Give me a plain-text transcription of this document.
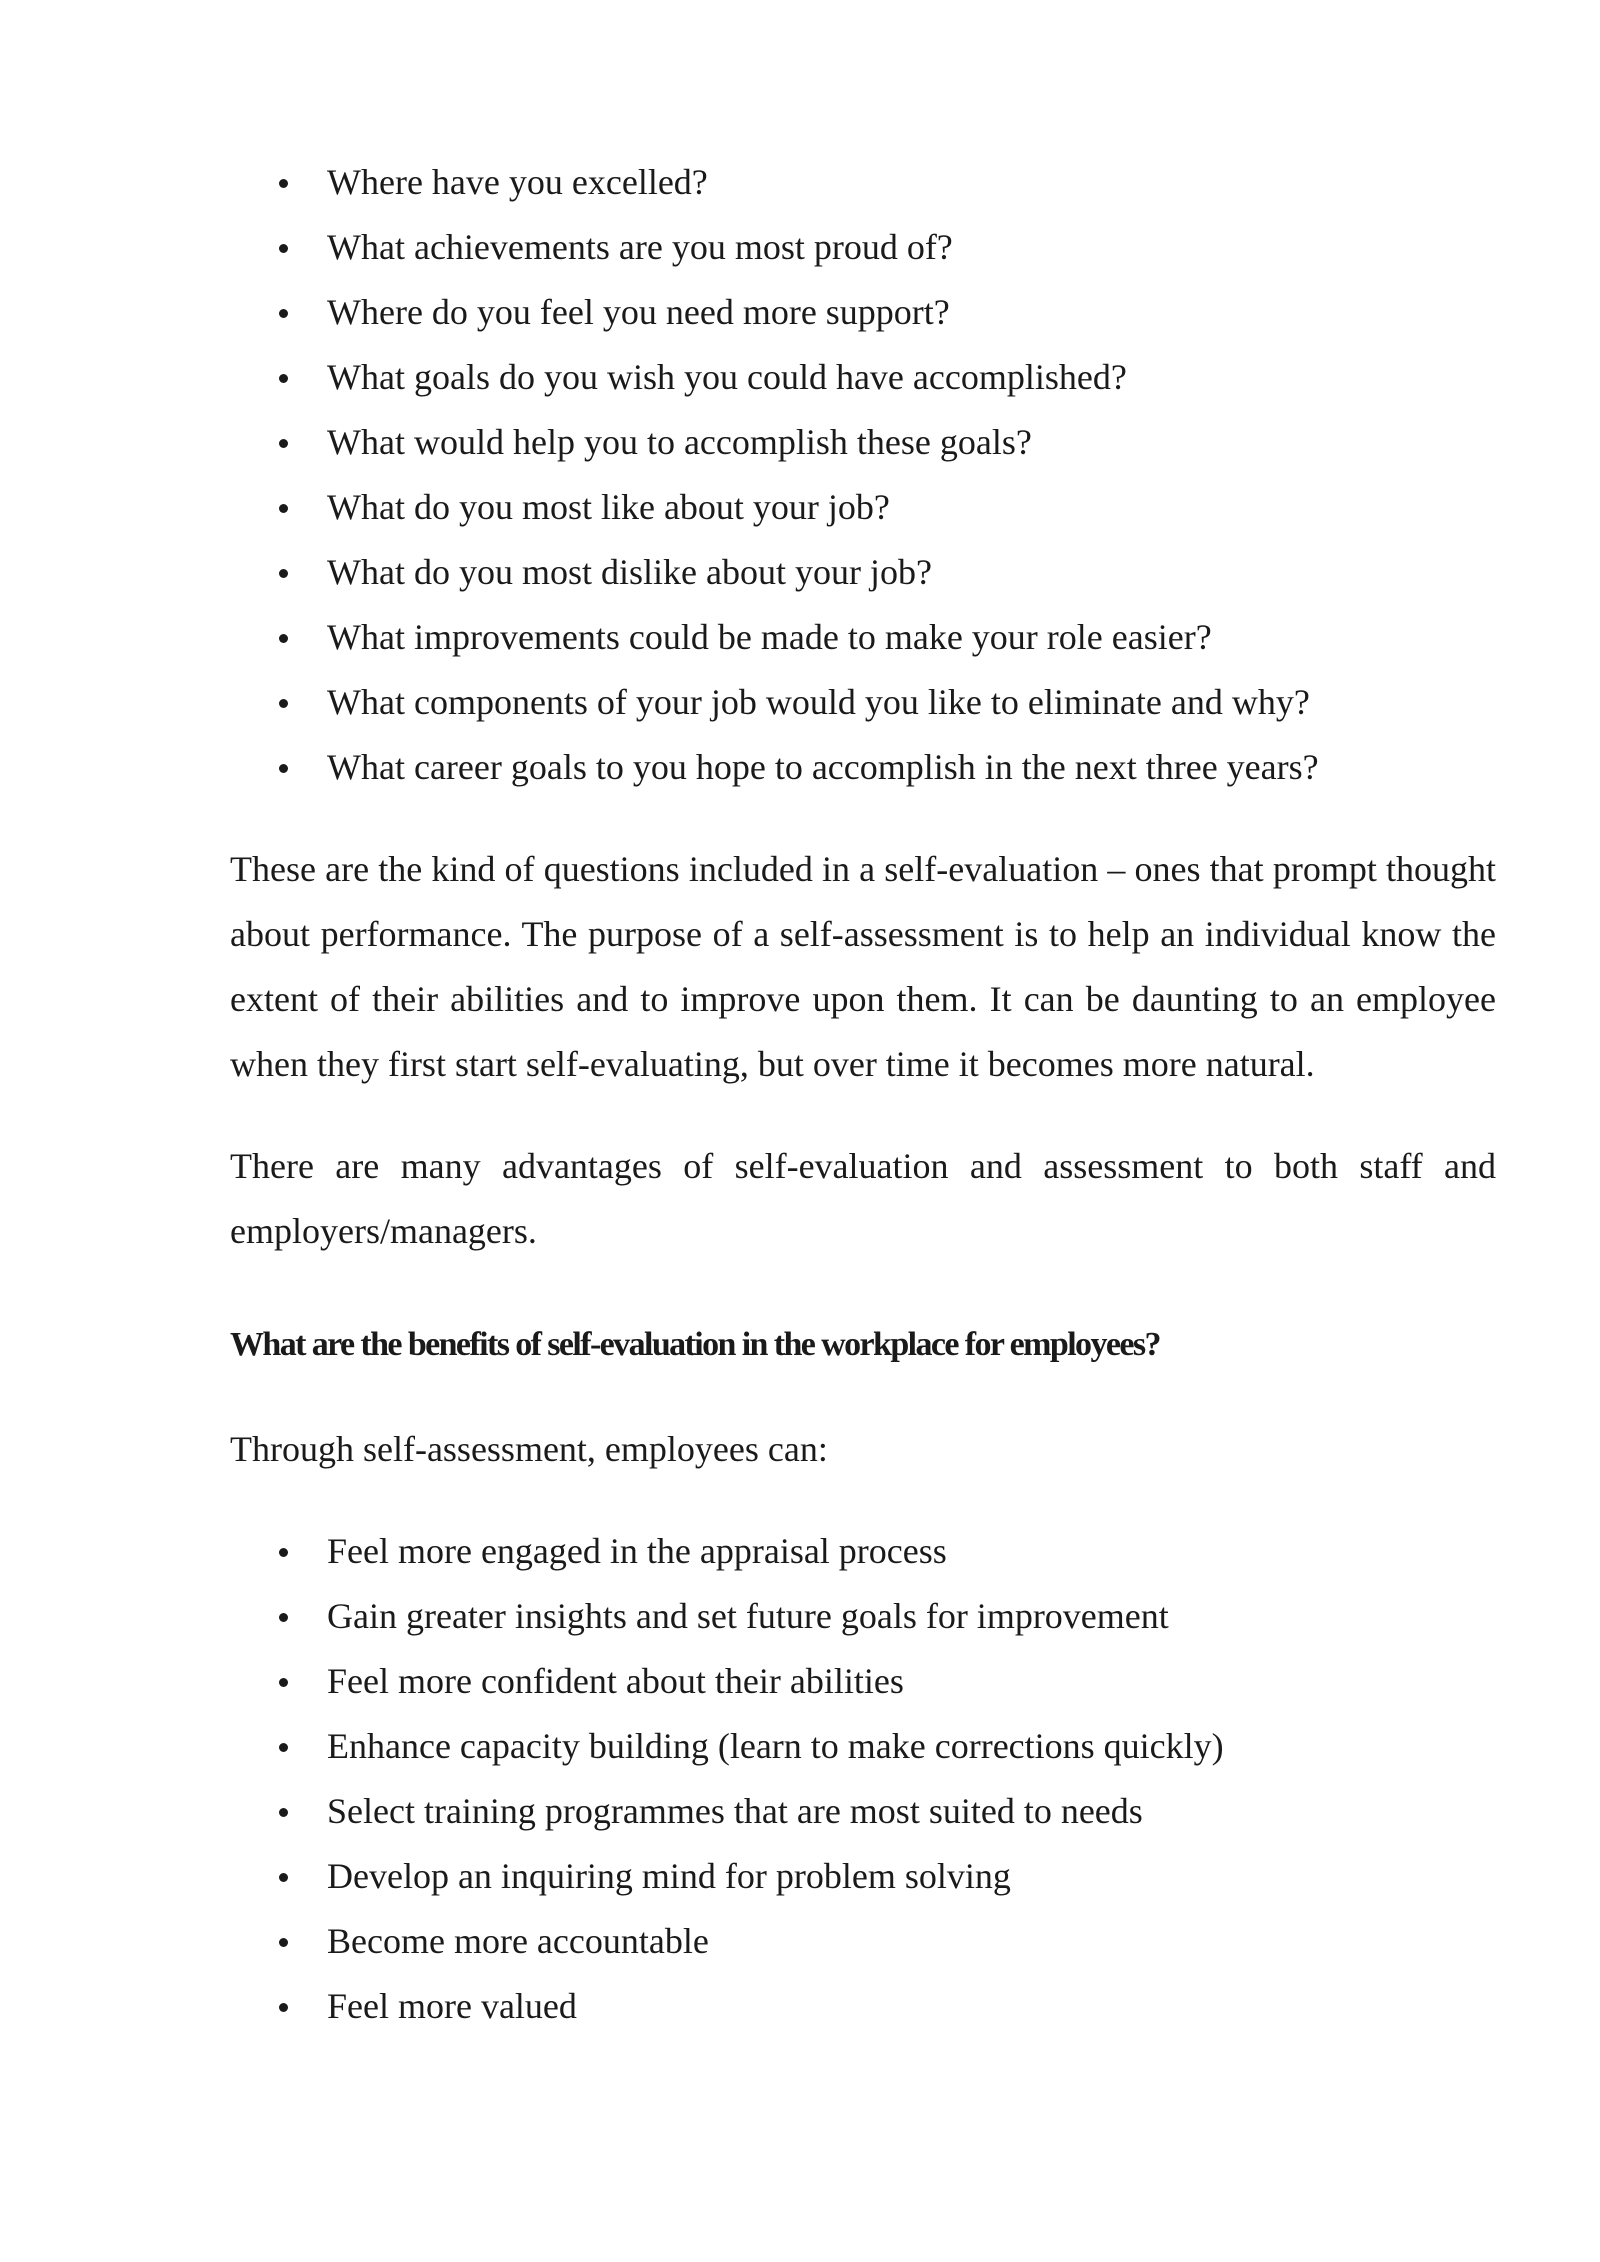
Where have you excelled?
What achievements are you most proud of?
Where do you feel you need more support?
What goals do you wish you could have accomplished?
What would help you to accomplish these goals?
What do you most like about your job?
What do you most dislike about your job?
What improvements could be made to make your role easier?
What components of your job would you like to eliminate and why?
What career goals to you hope to accomplish in the next three years?

These are the kind of questions included in a self-evaluation – ones that prompt thought about performance. The purpose of a self-assessment is to help an individual know the extent of their abilities and to improve upon them. It can be daunting to an employee when they first start self-evaluating, but over time it becomes more natural.

There are many advantages of self-evaluation and assessment to both staff and employers/managers.

What are the benefits of self-evaluation in the workplace for employees?

Through self-assessment, employees can:

Feel more engaged in the appraisal process
Gain greater insights and set future goals for improvement
Feel more confident about their abilities
Enhance capacity building (learn to make corrections quickly)
Select training programmes that are most suited to needs
Develop an inquiring mind for problem solving
Become more accountable
Feel more valued
